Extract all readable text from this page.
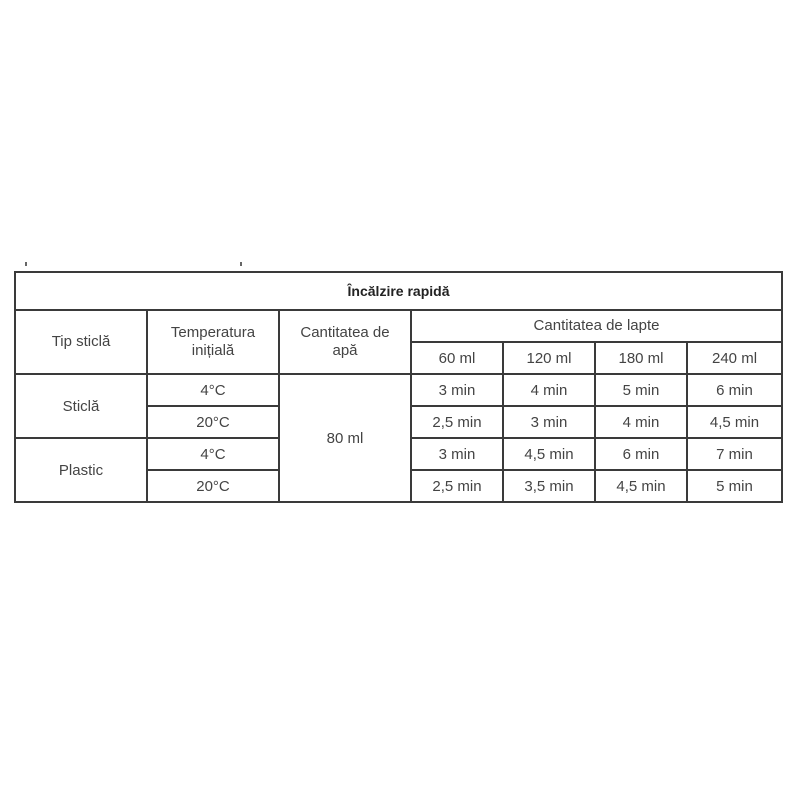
Încălzire rapidă						
Tip sticlă	Temperatura inițială	Cantitatea de apă	Cantitatea de lapte			
			60 ml	120 ml	180 ml	240 ml
Sticlă	4°C	80 ml	3 min	4 min	5 min	6 min
	20°C		2,5 min	3 min	4 min	4,5 min
Plastic	4°C		3 min	4,5 min	6 min	7 min
	20°C		2,5 min	3,5 min	4,5 min	5 min
